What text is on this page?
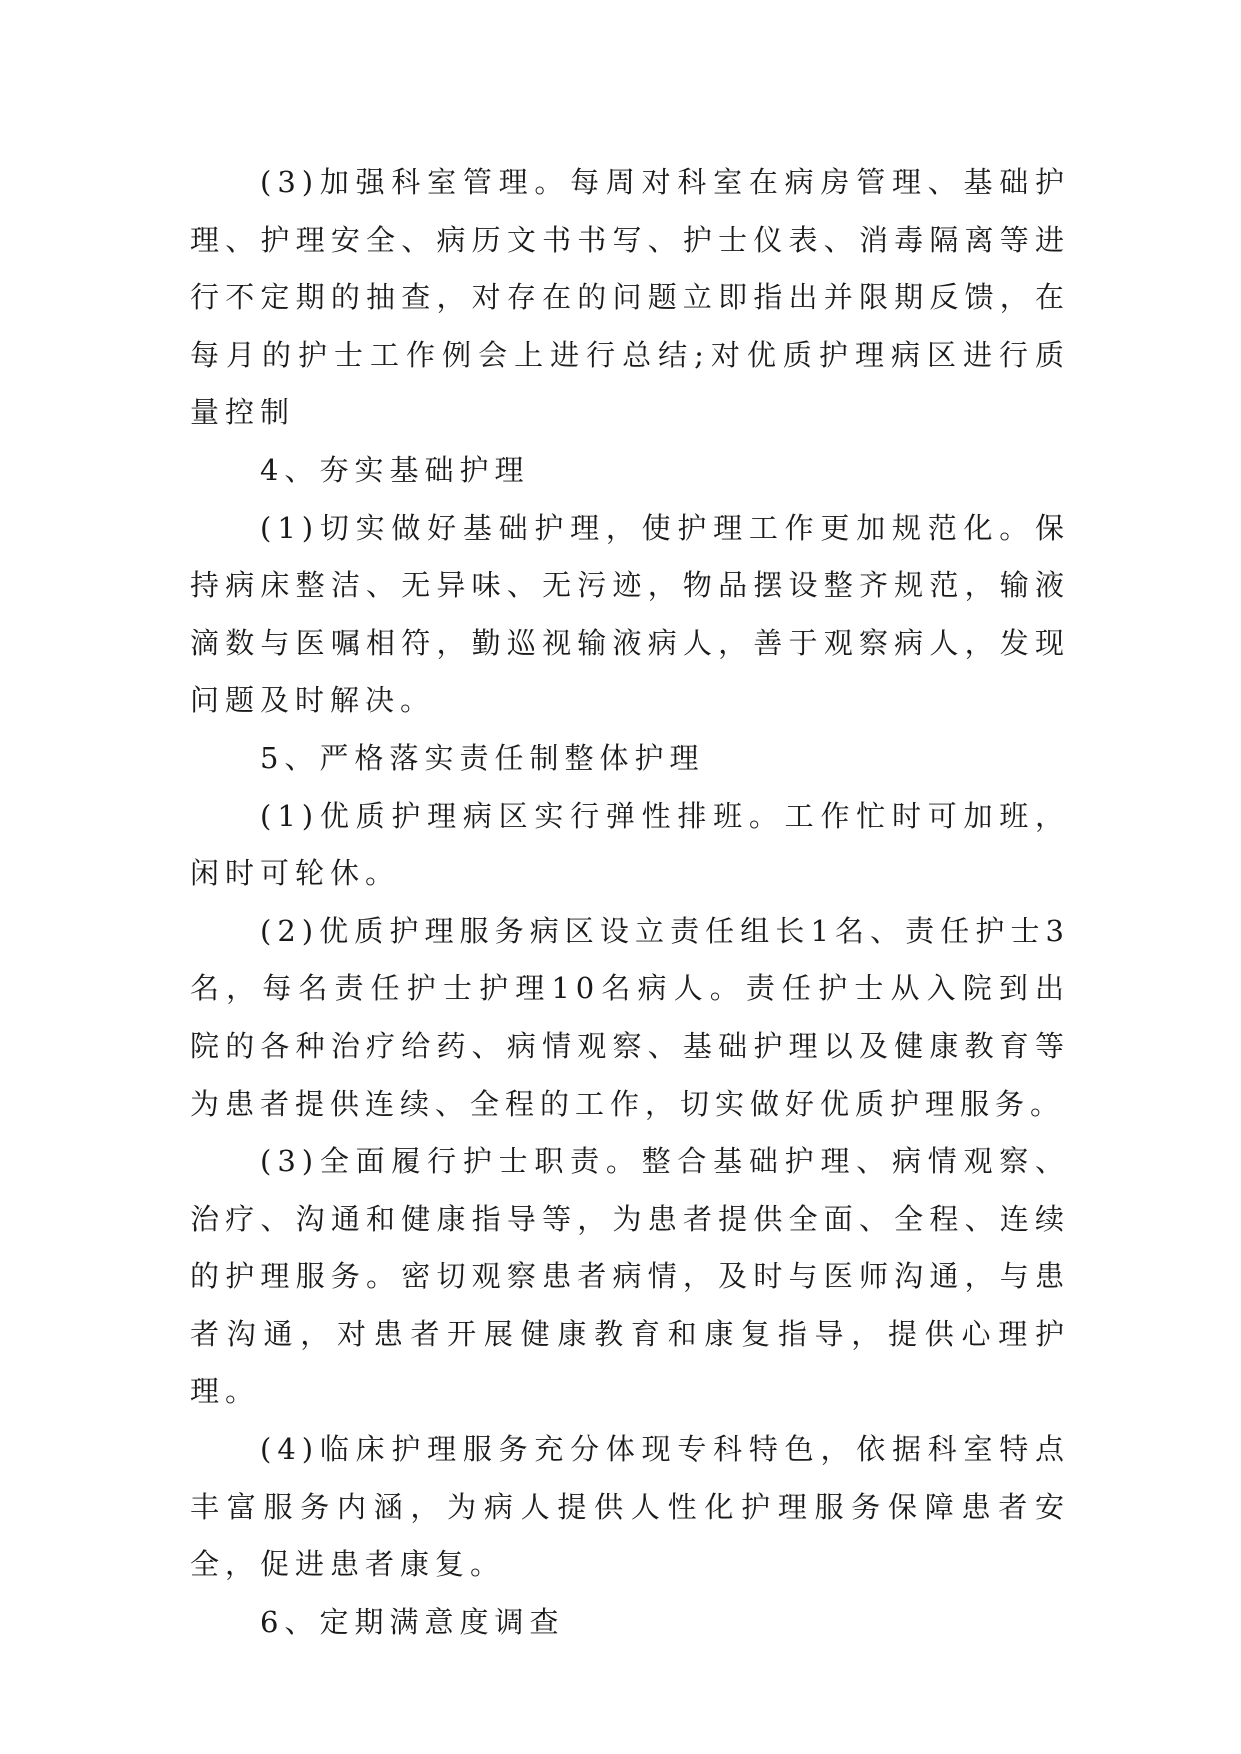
(3)加强科室管理。每周对科室在病房管理、基础护理、护理安全、病历文书书写、护士仪表、消毒隔离等进行不定期的抽查，对存在的问题立即指出并限期反馈，在每月的护士工作例会上进行总结;对优质护理病区进行质量控制

4、夯实基础护理

(1)切实做好基础护理，使护理工作更加规范化。保持病床整洁、无异味、无污迹，物品摆设整齐规范，输液滴数与医嘱相符，勤巡视输液病人，善于观察病人，发现问题及时解决。

5、严格落实责任制整体护理

(1)优质护理病区实行弹性排班。工作忙时可加班，闲时可轮休。

(2)优质护理服务病区设立责任组长1名、责任护士3名，每名责任护士护理10名病人。责任护士从入院到出院的各种治疗给药、病情观察、基础护理以及健康教育等为患者提供连续、全程的工作，切实做好优质护理服务。

(3)全面履行护士职责。整合基础护理、病情观察、治疗、沟通和健康指导等，为患者提供全面、全程、连续的护理服务。密切观察患者病情，及时与医师沟通，与患者沟通，对患者开展健康教育和康复指导，提供心理护理。

(4)临床护理服务充分体现专科特色，依据科室特点丰富服务内涵，为病人提供人性化护理服务保障患者安全，促进患者康复。

6、定期满意度调查
